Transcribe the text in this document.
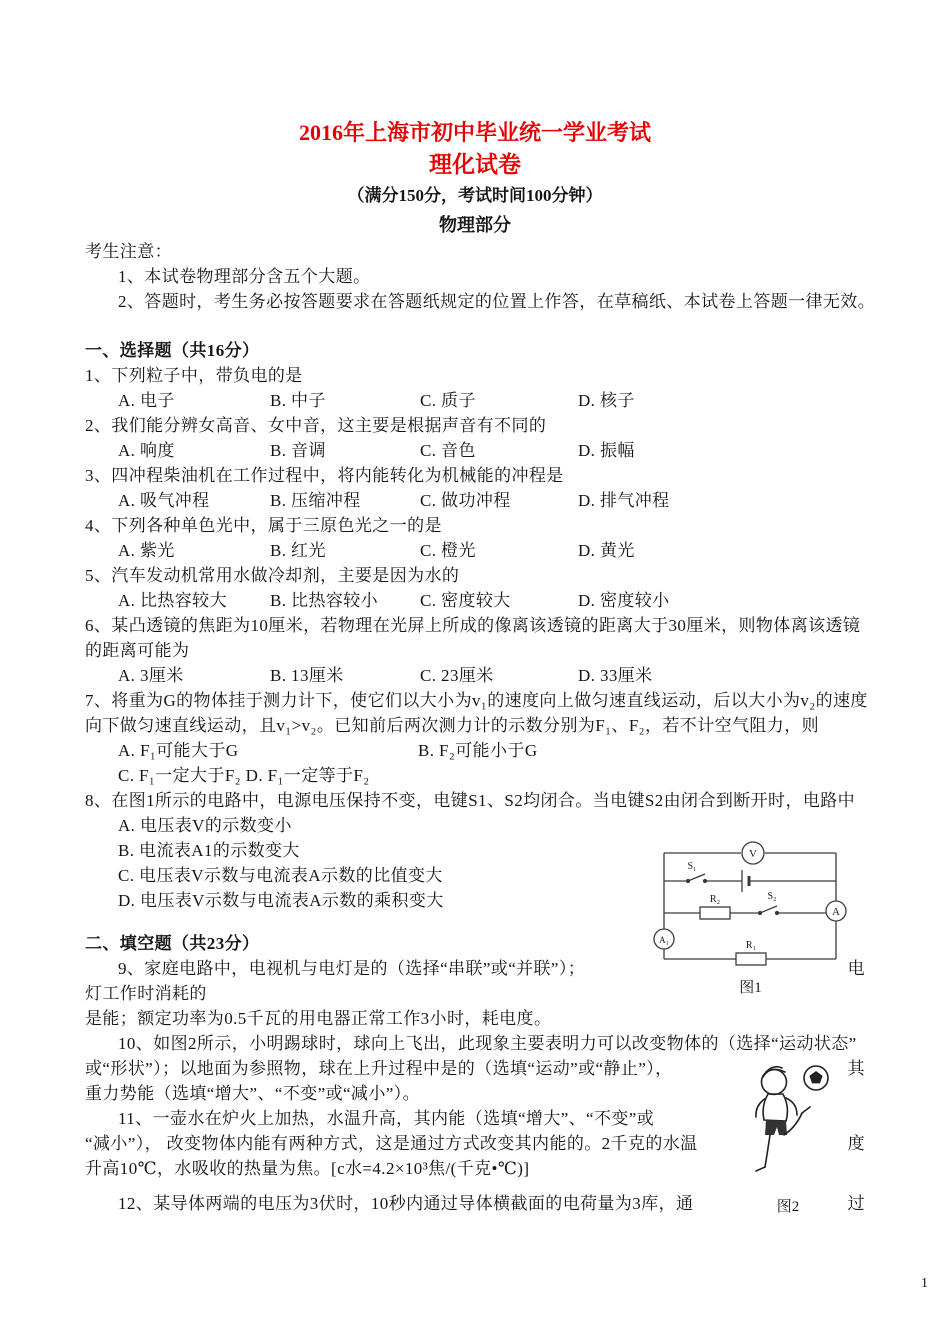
2016年上海市初中毕业统一学业考试
理化试卷
（满分150分，考试时间100分钟）
物理部分
考生注意：
1、本试卷物理部分含五个大题。
2、答题时，考生务必按答题要求在答题纸规定的位置上作答，在草稿纸、本试卷上答题一律无效。
一、选择题（共16分）
1、下列粒子中，带负电的是
A. 电子	B. 中子	C. 质子	D. 核子
2、我们能分辨女高音、女中音，这主要是根据声音有不同的
A. 响度	B. 音调	C. 音色	D. 振幅
3、四冲程柴油机在工作过程中，将内能转化为机械能的冲程是
A. 吸气冲程	B. 压缩冲程	C. 做功冲程	D. 排气冲程
4、下列各种单色光中，属于三原色光之一的是
A. 紫光	B. 红光	C. 橙光	D. 黄光
5、汽车发动机常用水做冷却剂，主要是因为水的
A. 比热容较大	B. 比热容较小 C. 密度较大	D. 密度较小
6、某凸透镜的焦距为10厘米，若物理在光屏上所成的像离该透镜的距离大于30厘米，则物体离该透镜
的距离可能为
A. 3厘米	B. 13厘米	C. 23厘米	D. 33厘米
7、将重为G的物体挂于测力计下，使它们以大小为v₁的速度向上做匀速直线运动，后以大小为v₂的速度
向下做匀速直线运动，且v₁>v₂。已知前后两次测力计的示数分别为F₁、F₂，若不计空气阻力，则
A. F₁可能大于G	B. F₂可能小于G
C. F₁一定大于F₂ D. F₁一定等于F₂
8、在图1所示的电路中，电源电压保持不变，电键S1、S2均闭合。当电键S2由闭合到断开时，电路中
A. 电压表V的示数变小
B. 电流表A1的示数变大
C. 电压表V示数与电流表A示数的比值变大
D. 电压表V示数与电流表A示数的乘积变大
二、填空题（共23分）
9、家庭电路中，电视机与电灯是的（选择“串联”或“并联”）；	电
灯工作时消耗的
是能；额定功率为0.5千瓦的用电器正常工作3小时，耗电度。
10、如图2所示，小明踢球时，球向上飞出，此现象主要表明力可以改变物体的（选择“运动状态”
或“形状”）；以地面为参照物，球在上升过程中是的（选填“运动”或“静止”），	其
重力势能（选填“增大”、“不变”或“减小”）。
11、一壶水在炉火上加热，水温升高，其内能（选填“增大”、“不变”或
“减小”）， 改变物体内能有两种方式，这是通过方式改变其内能的。2千克的水温	度
升高10℃，水吸收的热量为焦。[c水=4.2×10³焦/(千克•℃)]
12、某导体两端的电压为3伏时，10秒内通过导体横截面的电荷量为3库，通	过
V
A
A₁
S₁
R₂	S₂
R₁
图1
图2
1
